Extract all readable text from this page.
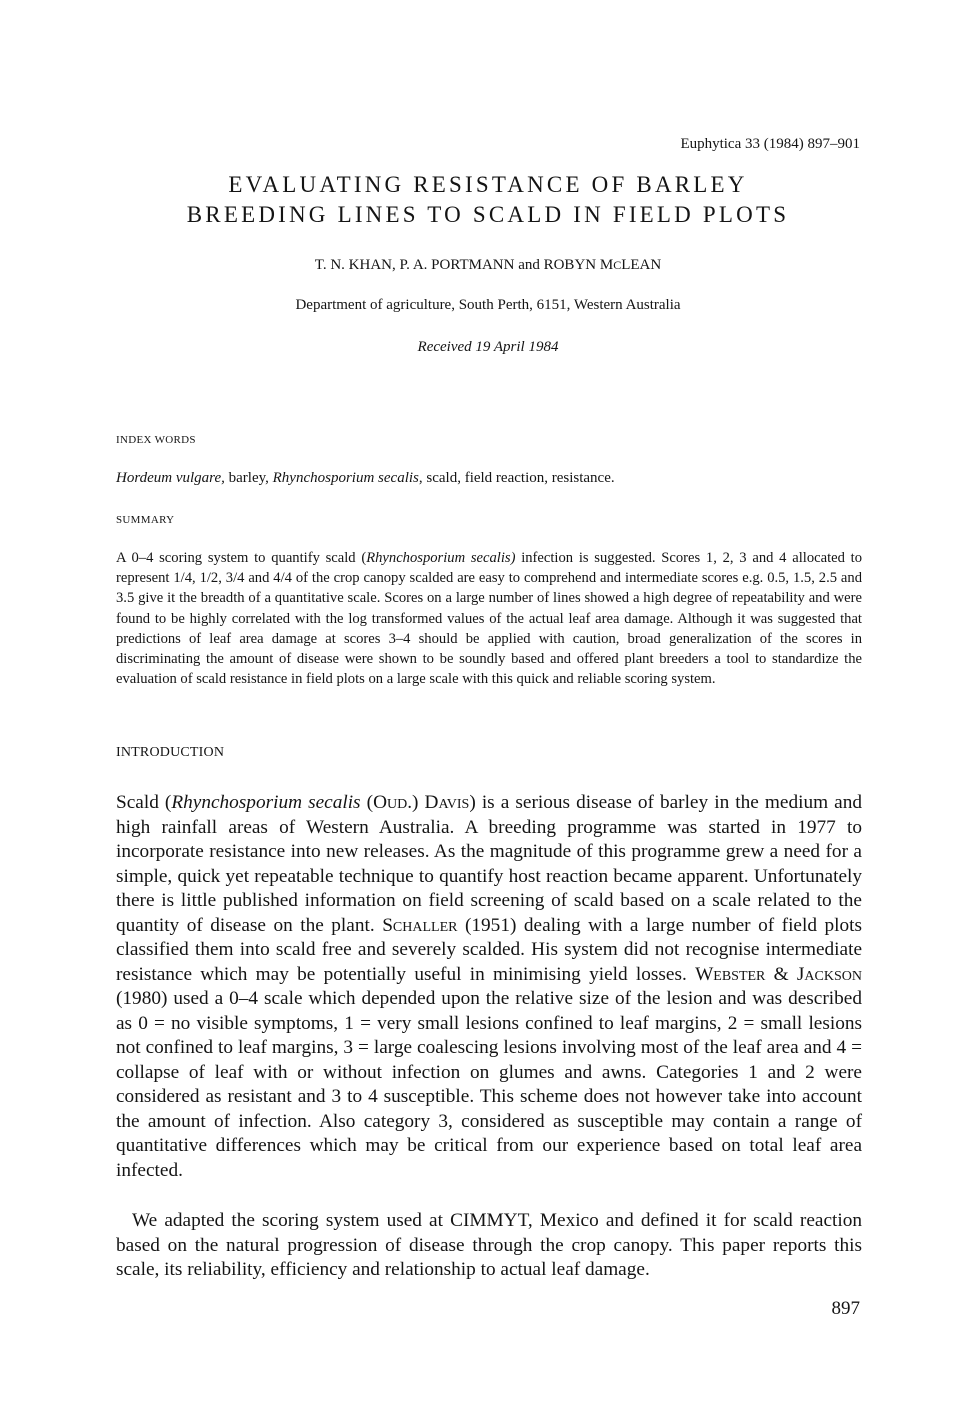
Euphytica 33 (1984) 897–901
EVALUATING RESISTANCE OF BARLEY
BREEDING LINES TO SCALD IN FIELD PLOTS
T. N. KHAN, P. A. PORTMANN and ROBYN MCLEAN
Department of agriculture, South Perth, 6151, Western Australia
Received 19 April 1984
INDEX WORDS
Hordeum vulgare, barley, Rhynchosporium secalis, scald, field reaction, resistance.
SUMMARY

A 0–4 scoring system to quantify scald (Rhynchosporium secalis) infection is suggested. Scores 1, 2, 3 and 4 allocated to represent 1/4, 1/2, 3/4 and 4/4 of the crop canopy scalded are easy to comprehend and intermediate scores e.g. 0.5, 1.5, 2.5 and 3.5 give it the breadth of a quantitative scale. Scores on a large number of lines showed a high degree of repeatability and were found to be highly correlated with the log transformed values of the actual leaf area damage. Although it was suggested that predictions of leaf area damage at scores 3–4 should be applied with caution, broad generalization of the scores in discriminating the amount of disease were shown to be soundly based and offered plant breeders a tool to standardize the evaluation of scald resistance in field plots on a large scale with this quick and reliable scoring system.

INTRODUCTION

Scald (Rhynchosporium secalis (Oud.) Davis) is a serious disease of barley in the medium and high rainfall areas of Western Australia. A breeding programme was started in 1977 to incorporate resistance into new releases. As the magnitude of this programme grew a need for a simple, quick yet repeatable technique to quantify host reaction became apparent. Unfortunately there is little published information on field screening of scald based on a scale related to the quantity of disease on the plant. Schaller (1951) dealing with a large number of field plots classified them into scald free and severely scalded. His system did not recognise intermediate resistance which may be potentially useful in minimising yield losses. Webster & Jackson (1980) used a 0–4 scale which depended upon the relative size of the lesion and was described as 0 = no visible symptoms, 1 = very small lesions confined to leaf margins, 2 = small lesions not confined to leaf margins, 3 = large coalescing lesions involving most of the leaf area and 4 = collapse of leaf with or without infection on glumes and awns. Categories 1 and 2 were considered as resistant and 3 to 4 susceptible. This scheme does not however take into account the amount of infection. Also category 3, considered as susceptible may contain a range of quantitative differences which may be critical from our experience based on total leaf area infected.

We adapted the scoring system used at CIMMYT, Mexico and defined it for scald reaction based on the natural progression of disease through the crop canopy. This paper reports this scale, its reliability, efficiency and relationship to actual leaf damage.

897
